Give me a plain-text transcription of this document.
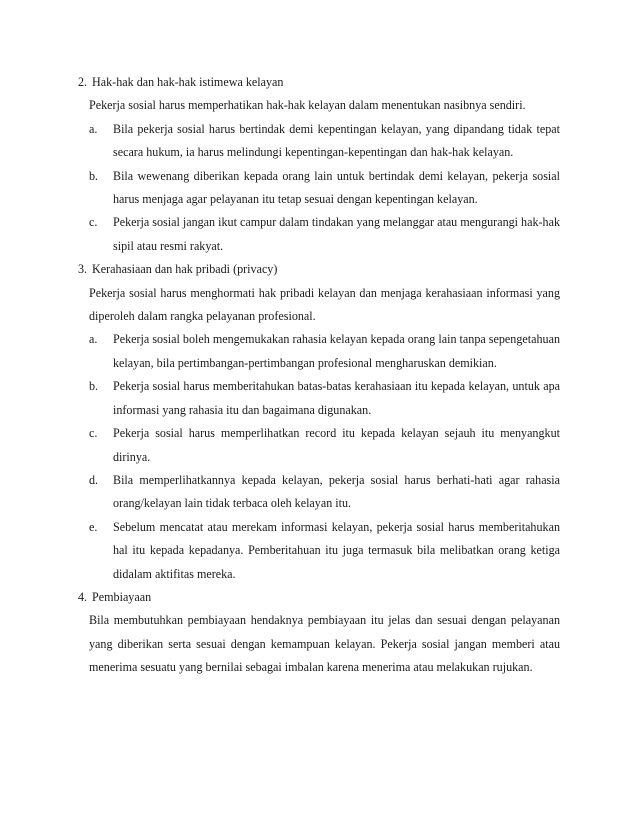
2. Hak-hak dan hak-hak istimewa kelayan

Pekerja sosial harus memperhatikan hak-hak kelayan dalam menentukan nasibnya sendiri.

a.	Bila pekerja sosial harus bertindak demi kepentingan kelayan, yang dipandang tidak tepat secara hukum, ia harus melindungi kepentingan-kepentingan dan hak-hak kelayan.
b.	Bila wewenang diberikan kepada orang lain untuk bertindak demi kelayan, pekerja sosial harus menjaga agar pelayanan itu tetap sesuai dengan kepentingan kelayan.
c.	Pekerja sosial jangan ikut campur dalam tindakan yang melanggar atau mengurangi hak-hak sipil atau resmi rakyat.

3. Kerahasiaan dan hak pribadi (privacy)

Pekerja sosial harus menghormati hak pribadi kelayan dan menjaga kerahasiaan informasi yang diperoleh dalam rangka pelayanan profesional.

a.	Pekerja sosial boleh mengemukakan rahasia kelayan kepada orang lain tanpa sepengetahuan kelayan, bila pertimbangan-pertimbangan profesional mengharuskan demikian.
b.	Pekerja sosial harus memberitahukan batas-batas kerahasiaan itu kepada kelayan, untuk apa informasi yang rahasia itu dan bagaimana digunakan.
c.	Pekerja sosial harus memperlihatkan record itu kepada kelayan sejauh itu menyangkut dirinya.
d.	Bila memperlihatkannya kepada kelayan, pekerja sosial harus berhati-hati agar rahasia orang/kelayan lain tidak terbaca oleh kelayan itu.
e.	Sebelum mencatat atau merekam informasi kelayan, pekerja sosial harus memberitahukan hal itu kepada kepadanya. Pemberitahuan itu juga termasuk bila melibatkan orang ketiga didalam aktifitas mereka.

4. Pembiayaan

Bila membutuhkan pembiayaan hendaknya pembiayaan itu jelas dan sesuai dengan pelayanan yang diberikan serta sesuai dengan kemampuan kelayan. Pekerja sosial jangan memberi atau menerima sesuatu yang bernilai sebagai imbalan karena menerima atau melakukan rujukan.
